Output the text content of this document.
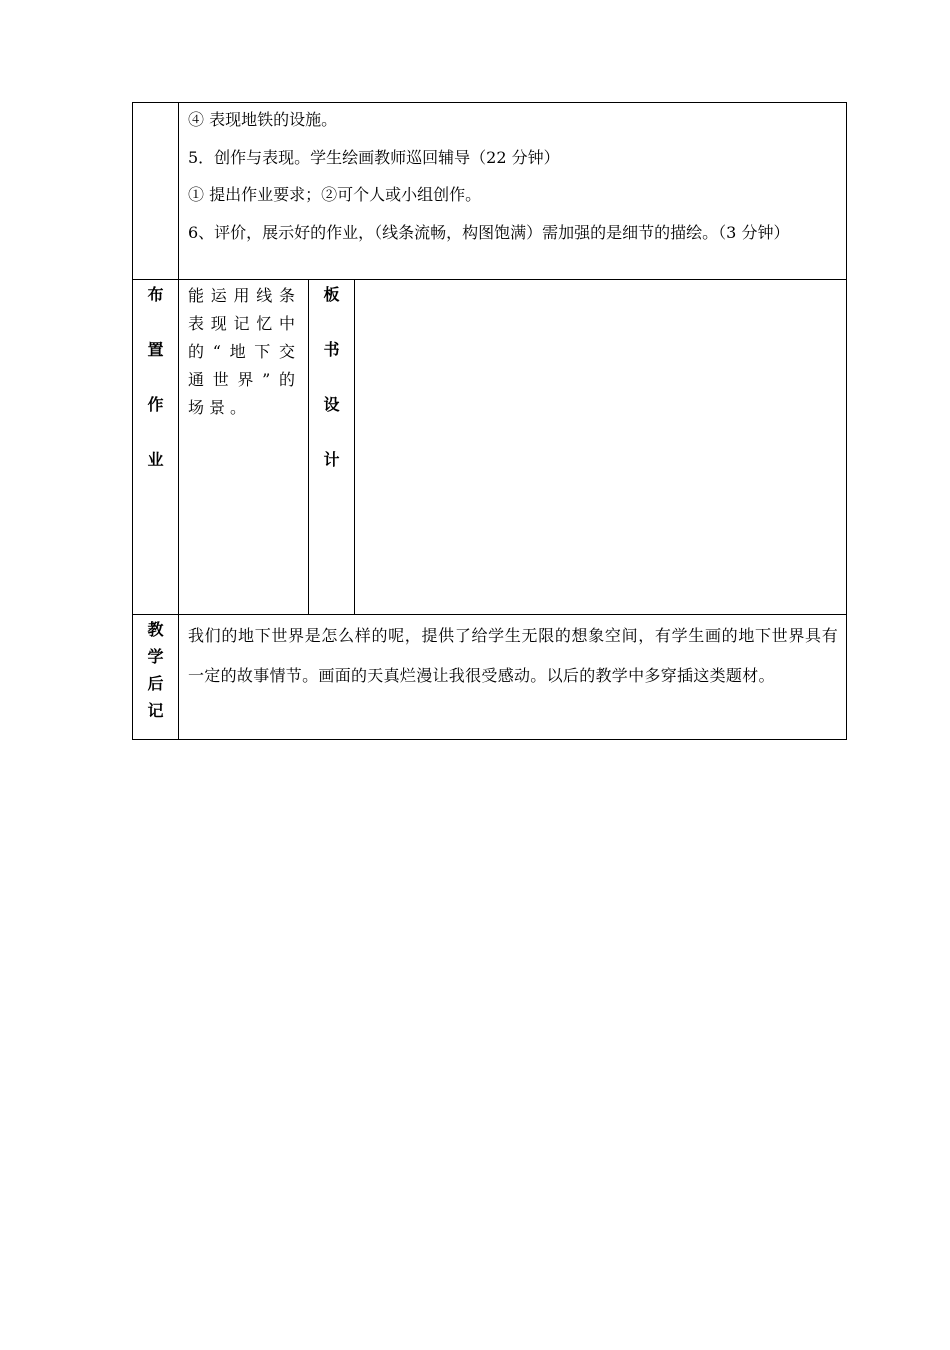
	④ 表现地铁的设施。
5．创作与表现。学生绘画教师巡回辅导（22 分钟）
① 提出作业要求；②可个人或小组创作。
6、评价，展示好的作业，（线条流畅，构图饱满）需加强的是细节的描绘。（3 分钟）		

布
置
作
业	能运用线条表现记忆中的“地下交通世界”的场景。	板
书
设
计	

教
学
后
记	我们的地下世界是怎么样的呢，提供了给学生无限的想象空间，有学生画的地下世界具有一定的故事情节。画面的天真烂漫让我很受感动。以后的教学中多穿插这类题材。		
